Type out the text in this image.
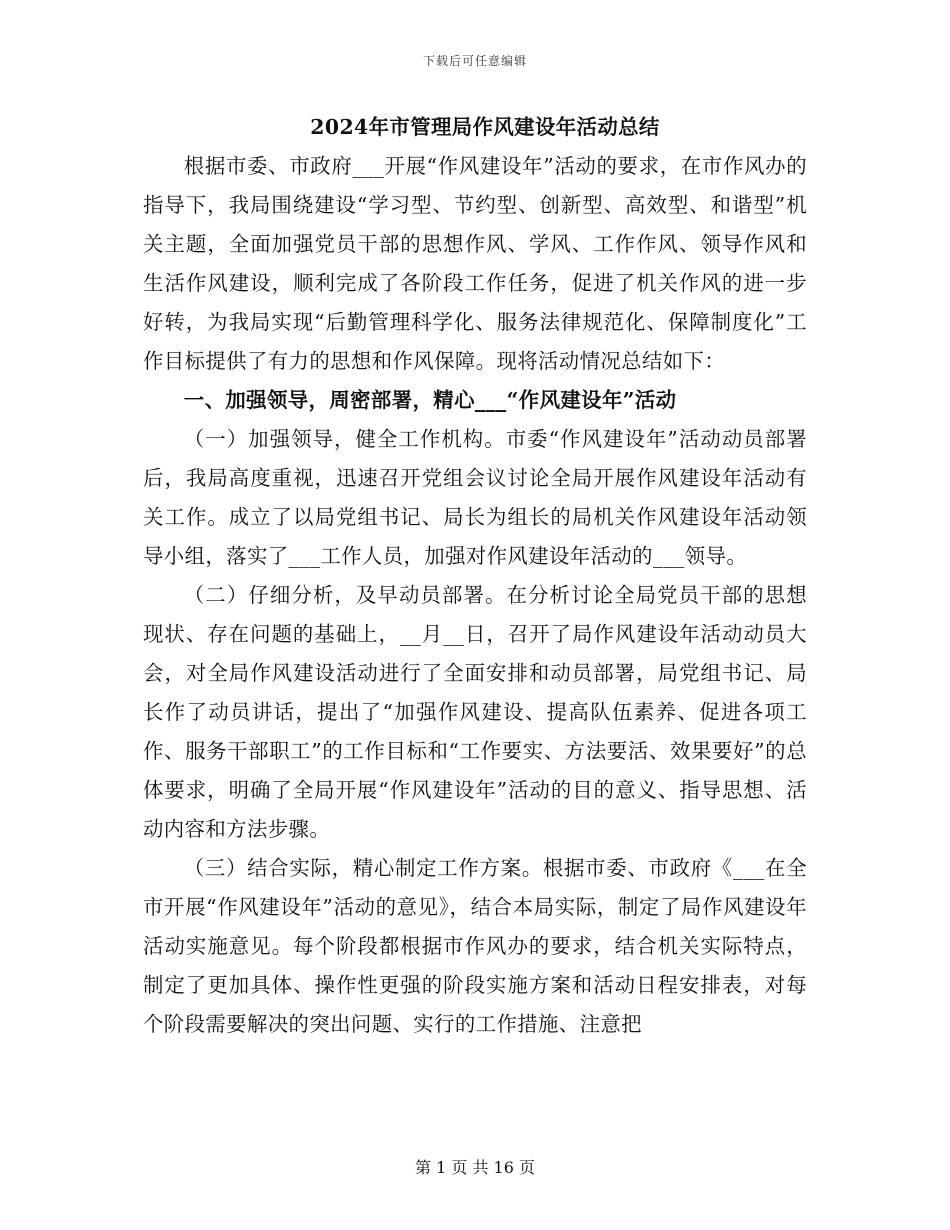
下载后可任意编辑
2024年市管理局作风建设年活动总结

根据市委、市政府___开展“作风建设年”活动的要求，在市作风办的指导下，我局围绕建设“学习型、节约型、创新型、高效型、和谐型”机关主题，全面加强党员干部的思想作风、学风、工作作风、领导作风和生活作风建设，顺利完成了各阶段工作任务，促进了机关作风的进一步好转，为我局实现“后勤管理科学化、服务法律规范化、保障制度化”工作目标提供了有力的思想和作风保障。现将活动情况总结如下：

一、加强领导，周密部署，精心___“作风建设年”活动

（一）加强领导，健全工作机构。市委“作风建设年”活动动员部署后，我局高度重视，迅速召开党组会议讨论全局开展作风建设年活动有关工作。成立了以局党组书记、局长为组长的局机关作风建设年活动领导小组，落实了___工作人员，加强对作风建设年活动的___领导。

（二）仔细分析，及早动员部署。在分析讨论全局党员干部的思想现状、存在问题的基础上，__月__日，召开了局作风建设年活动动员大会，对全局作风建设活动进行了全面安排和动员部署，局党组书记、局长作了动员讲话，提出了“加强作风建设、提高队伍素养、促进各项工作、服务干部职工”的工作目标和“工作要实、方法要活、效果要好”的总体要求，明确了全局开展“作风建设年”活动的目的意义、指导思想、活动内容和方法步骤。

（三）结合实际，精心制定工作方案。根据市委、市政府《___在全市开展“作风建设年”活动的意见》，结合本局实际，制定了局作风建设年活动实施意见。每个阶段都根据市作风办的要求，结合机关实际特点，制定了更加具体、操作性更强的阶段实施方案和活动日程安排表，对每个阶段需要解决的突出问题、实行的工作措施、注意把

第 1 页 共 16 页
